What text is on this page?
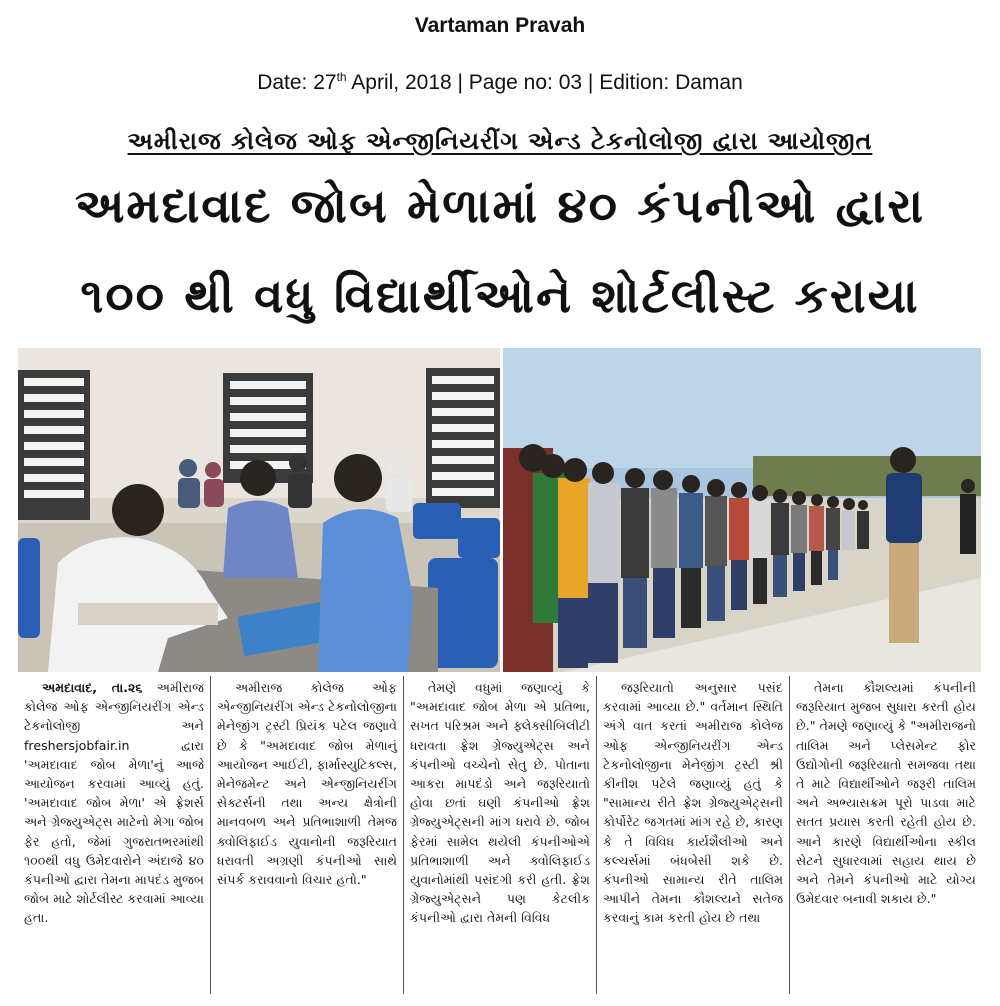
Vartaman Pravah
Date: 27th April, 2018 | Page no: 03 | Edition: Daman
અમીરાજ કોલેજ ઓફ એન્જીનિયરીંગ એન્ડ ટેકનોલોજી દ્વારા આયોજીત
અમદાવાદ જોબ મેળામાં ૪૦ કંપનીઓ દ્વારા
૧૦૦ થી વધુ વિદ્યાર્થીઓને શોર્ટલીસ્ટ કરાયા

અમદાવાદ, તા.૨૬ અમીરાજ કોલેજ ઓફ એન્જીનિયરીંગ એન્ડ ટેકનોલોજી અને freshersjobfair.in દ્વારા 'અમદાવાદ જોબ મેળા'નું આજે આયોજન કરવામાં આવ્યું હતું. 'અમદાવાદ જોબ મેળા' એ ફ્રેશર્સ અને ગ્રેજ્યુએટ્સ માટેનો મેગા જોબ ફેર હતો, જેમાં ગુજરાતભરમાંથી ૧૦૦થી વધુ ઉમેદવારોને અંદાજે ૪૦ કંપનીઓ દ્વારા તેમના માપદંડ મુજબ જોબ માટે શોર્ટલીસ્ટ કરવામાં આવ્યા હતા.

અમીરાજ કોલેજ ઓફ એન્જીનિયરીંગ એન્ડ ટેકનોલોજીના મેનેજીંગ ટ્રસ્ટી પ્રિયંક પટેલ જણાવે છે કે "અમદાવાદ જોબ મેળાનું આયોજન આઈટી, ફાર્માસ્યુટિકલ્સ, મેનેજમેન્ટ અને એન્જીનિયરીંગ સેક્ટર્સની તથા અન્ય ક્ષેત્રોની માનવબળ અને પ્રતિભાશાળી તેમજ ક્વોલિફાઈડ યુવાનોની જરૂરિયાત ધરાવતી અગ્રણી કંપનીઓ સાથે સંપર્ક કરાવવાનો વિચાર હતો."

તેમણે વધુમાં જણાવ્યું કે "અમદાવાદ જોબ મેળા એ પ્રતિભા, સખત પરિશ્રમ અને ફ્લેક્સીબિલીટી ધરાવતા ફ્રેશ ગ્રેજ્યુએટ્સ અને કંપનીઓ વચ્ચેનો સેતુ છે. પોતાના આકરા માપદંડો અને જરૂરિયાતો હોવા છતાં ઘણી કંપનીઓ ફ્રેશ ગ્રેજ્યુએટ્સની માંગ ધરાવે છે. જોબ ફેરમાં સામેલ થયેલી કંપનીઓએ પ્રતિભાશાળી અને ક્વોલિફાઈડ યુવાનોમાંથી પસંદગી કરી હતી. ફ્રેશ ગ્રેજ્યુએટ્સને પણ કેટલીક કંપનીઓ દ્વારા તેમની વિવિધ

જરૂરિયાતો અનુસાર પસંદ કરવામાં આવ્યા છે." વર્તમાન સ્થિતિ અંગે વાત કરતાં અમીરાજ કોલેજ ઓફ એન્જીનિયરીંગ એન્ડ ટેકનોલોજીના મેનેજીંગ ટ્રસ્ટી શ્રી કીનીશ પટેલે જણાવ્યું હતું કે "સામાન્ય રીતે ફ્રેશ ગ્રેજ્યુએટ્સની કોર્પોરેટ જગતમાં માંગ રહે છે, કારણ કે તે વિવિધ કાર્યશૈલીઓ અને કલ્ચર્સમાં બંધબેસી શકે છે. કંપનીઓ સામાન્ય રીતે તાલિમ આપીને તેમના કૌશલ્યને સતેજ કરવાનું કામ કરતી હોય છે તથા

તેમના કૌશલ્યમાં કંપનીની જરૂરિયાત મુજબ સુધારા કરતી હોય છે." તેમણે જણાવ્યું કે "અમીરાજનો તાલિમ અને પ્લેસમેન્ટ ફોર ઉદ્યોગોની જરૂરિયાતો સમજવા તથા તે માટે વિદ્યાર્થીઓને જરૂરી તાલિમ અને અભ્યાસક્રમ પૂરો પાડવા માટે સતત પ્રયાસ કરતી રહેતી હોય છે. આને કારણે વિદ્યાર્થીઓના સ્કીલ સેટને સુધારવામાં સહાય થાય છે અને તેમને કંપનીઓ માટે યોગ્ય ઉમેદવાર બનાવી શકાય છે."
